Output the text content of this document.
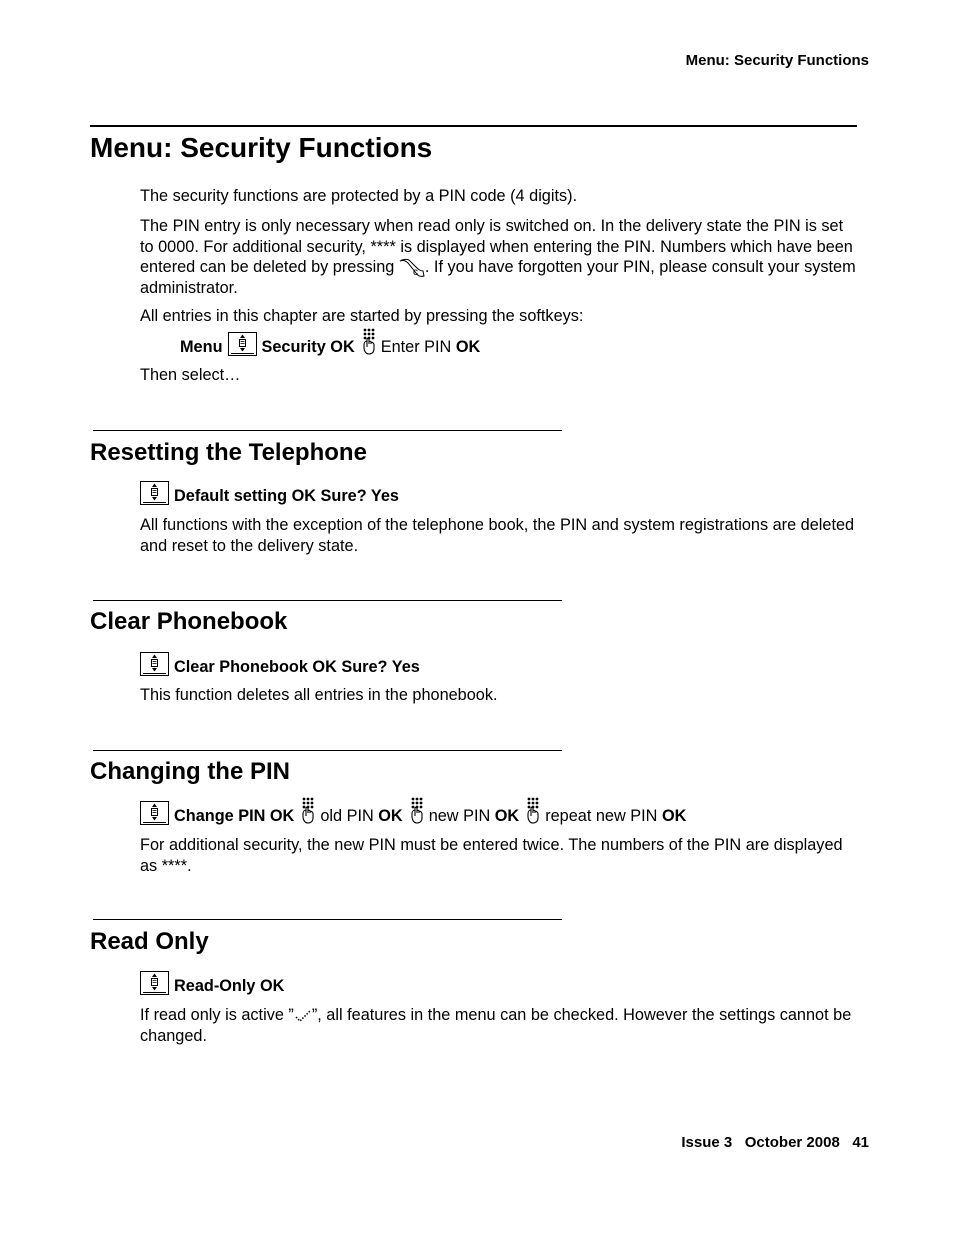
Menu: Security Functions
Menu: Security Functions

The security functions are protected by a PIN code (4 digits).

The PIN entry is only necessary when read only is switched on. In the delivery state the PIN is set to 0000. For additional security, **** is displayed when entering the PIN. Numbers which have been entered can be deleted by pressing . If you have forgotten your PIN, please consult your system administrator.

All entries in this chapter are started by pressing the softkeys:

Menu Security OK Enter PIN
OK

Then select…

Resetting the Telephone
Default setting OK Sure? Yes

All functions with the exception of the telephone book, the PIN and system registrations are deleted and reset to the delivery state.

Clear Phonebook
Clear Phonebook OK Sure? Yes

This function deletes all entries in the phonebook.

Changing the PIN
Change PIN OK old PIN
OK new PIN
OK repeat new PIN
OK

For additional security, the new PIN must be entered twice. The numbers of the PIN are displayed as ****.

Read Only
Read-Only OK

If read only is active ” ”, all features in the menu can be checked. However the settings cannot be changed.

Issue 3 October 2008 41
